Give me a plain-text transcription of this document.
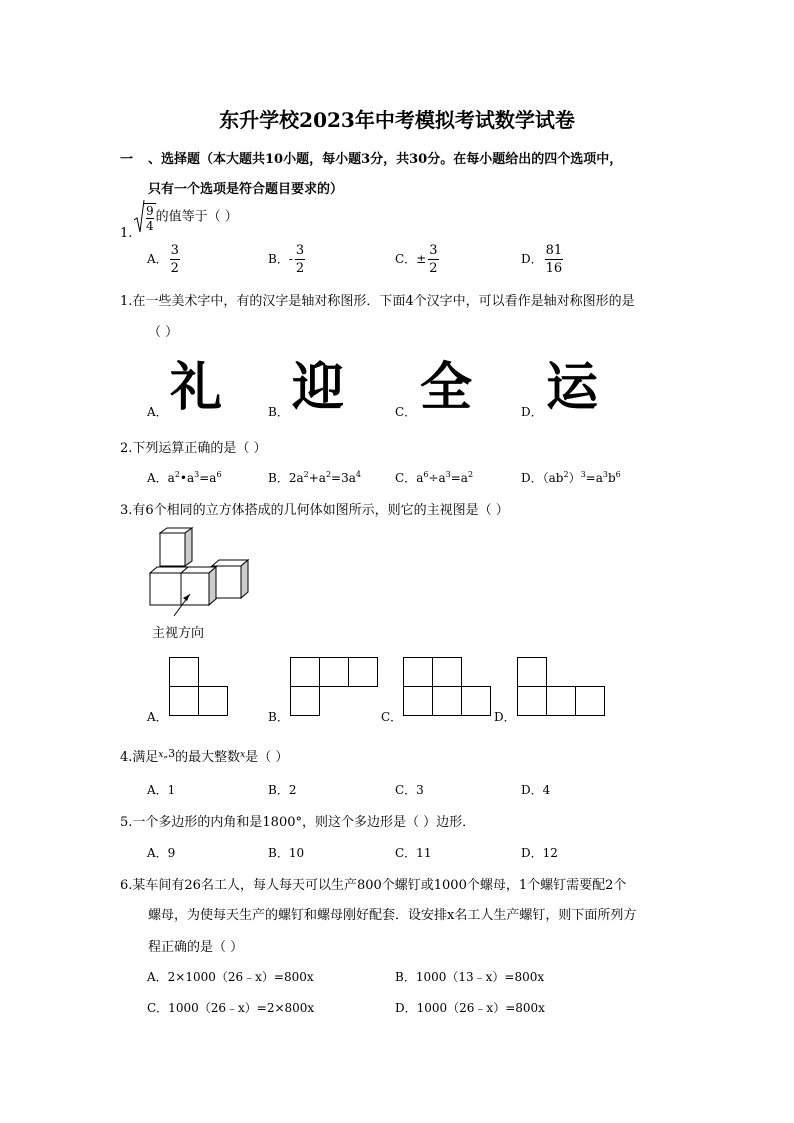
东升学校2023年中考模拟考试数学试卷
一 、选择题（本大题共10小题，每小题3分，共30分。在每小题给出的四个选项中，
只有一个选项是符合题目要求的）
1.
$\frac{9}{4}$ 的值等于（ ）
A． $\frac{3}{2}$	B．- $\frac{3}{2}$	C．± $\frac{3}{2}$	D． $\frac{81}{16}$
1.在一些美术字中，有的汉字是轴对称图形．下面4个汉字中，可以看作是轴对称图形的是
（ ）
A． 礼	B． 迎	C． 全	D． 运
2.下列运算正确的是（ ）
A．$a^2•a^3=a^6$	B．$2a^2+a^2=3a^4$	C．$a^6\div a^3=a^2$	D．$(ab^2)^3=a^3b^6$
3.有6个相同的立方体搭成的几何体如图所示，则它的主视图是（ ）
主视方向
A．	B．	C．	D．
4.满足$^{x„3}$的最大整数$^x$是（ ）
A．1	B．2	C．3	D．4
5.一个多边形的内角和是1800°，则这个多边形是（ ）边形．
A．9	B．10	C．11	D．12
6.某车间有26名工人，每人每天可以生产800个螺钉或1000个螺母，1个螺钉需要配2个
螺母，为使每天生产的螺钉和螺母刚好配套．设安排x名工人生产螺钉，则下面所列方
程正确的是（ ）
A．2×1000（26﹣x）=800x	B．1000（13﹣x）=800x
C．1000（26﹣x）=2×800x	D．1000（26﹣x）=800x
